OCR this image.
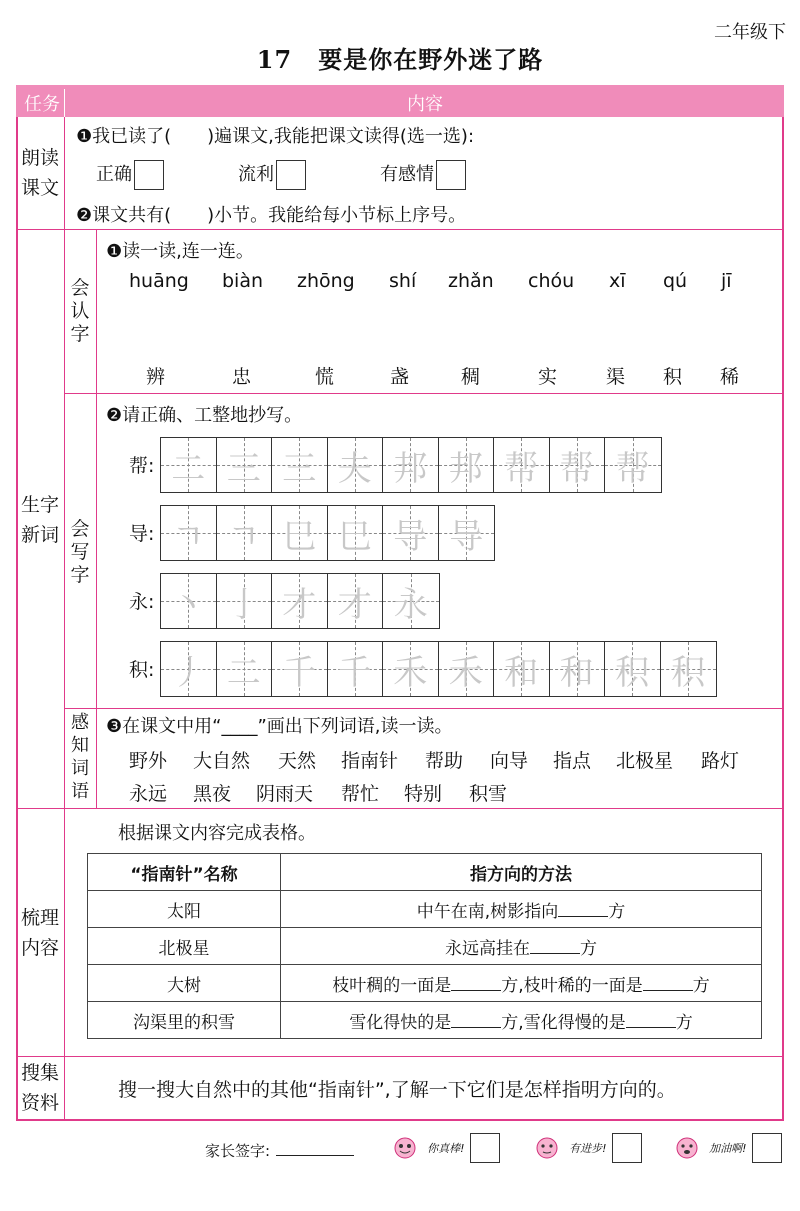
二年级下
17 要是你在野外迷了路
任务	内容
朗读
课文
❶我已读了(　　)遍课文,我能把课文读得(选一选):
正确	流利	有感情
❷课文共有(　　)小节。我能给每小节标上序号。
生字
新词
会
认
字
❶读一读,连一连。
huāng biàn zhōng shí zhǎn chóu xī qú jī
辨	忠	慌	盏	稠	实	渠 积 稀
会
写
字
❷请正确、工整地抄写。
帮: 二 三 三 夫 邦 邦 帮 帮 帮
导: ㄱ ㄱ 巳 巳 导 导
永: 丶 亅 才 才 永
积: 丿 二 千 千 禾 禾 和 和 积 积
感
知
词
语
❸在课文中用“____”画出下列词语,读一读。
野外 大自然 天然 指南针 帮助 向导 指点 北极星 路灯
永远 黑夜 阴雨天 帮忙 特别 积雪
梳理
内容
根据课文内容完成表格。
“指南针”名称	指方向的方法
太阳	中午在南,树影指向 方
北极星	永远高挂在 方
大树	枝叶稠的一面是 方,枝叶稀的一面是 方
沟渠里的积雪	雪化得快的是 方,雪化得慢的是 方
搜集
资料
搜一搜大自然中的其他“指南针”,了解一下它们是怎样指明方向的。
家长签字:	你真棒!	有进步!	加油啊!
